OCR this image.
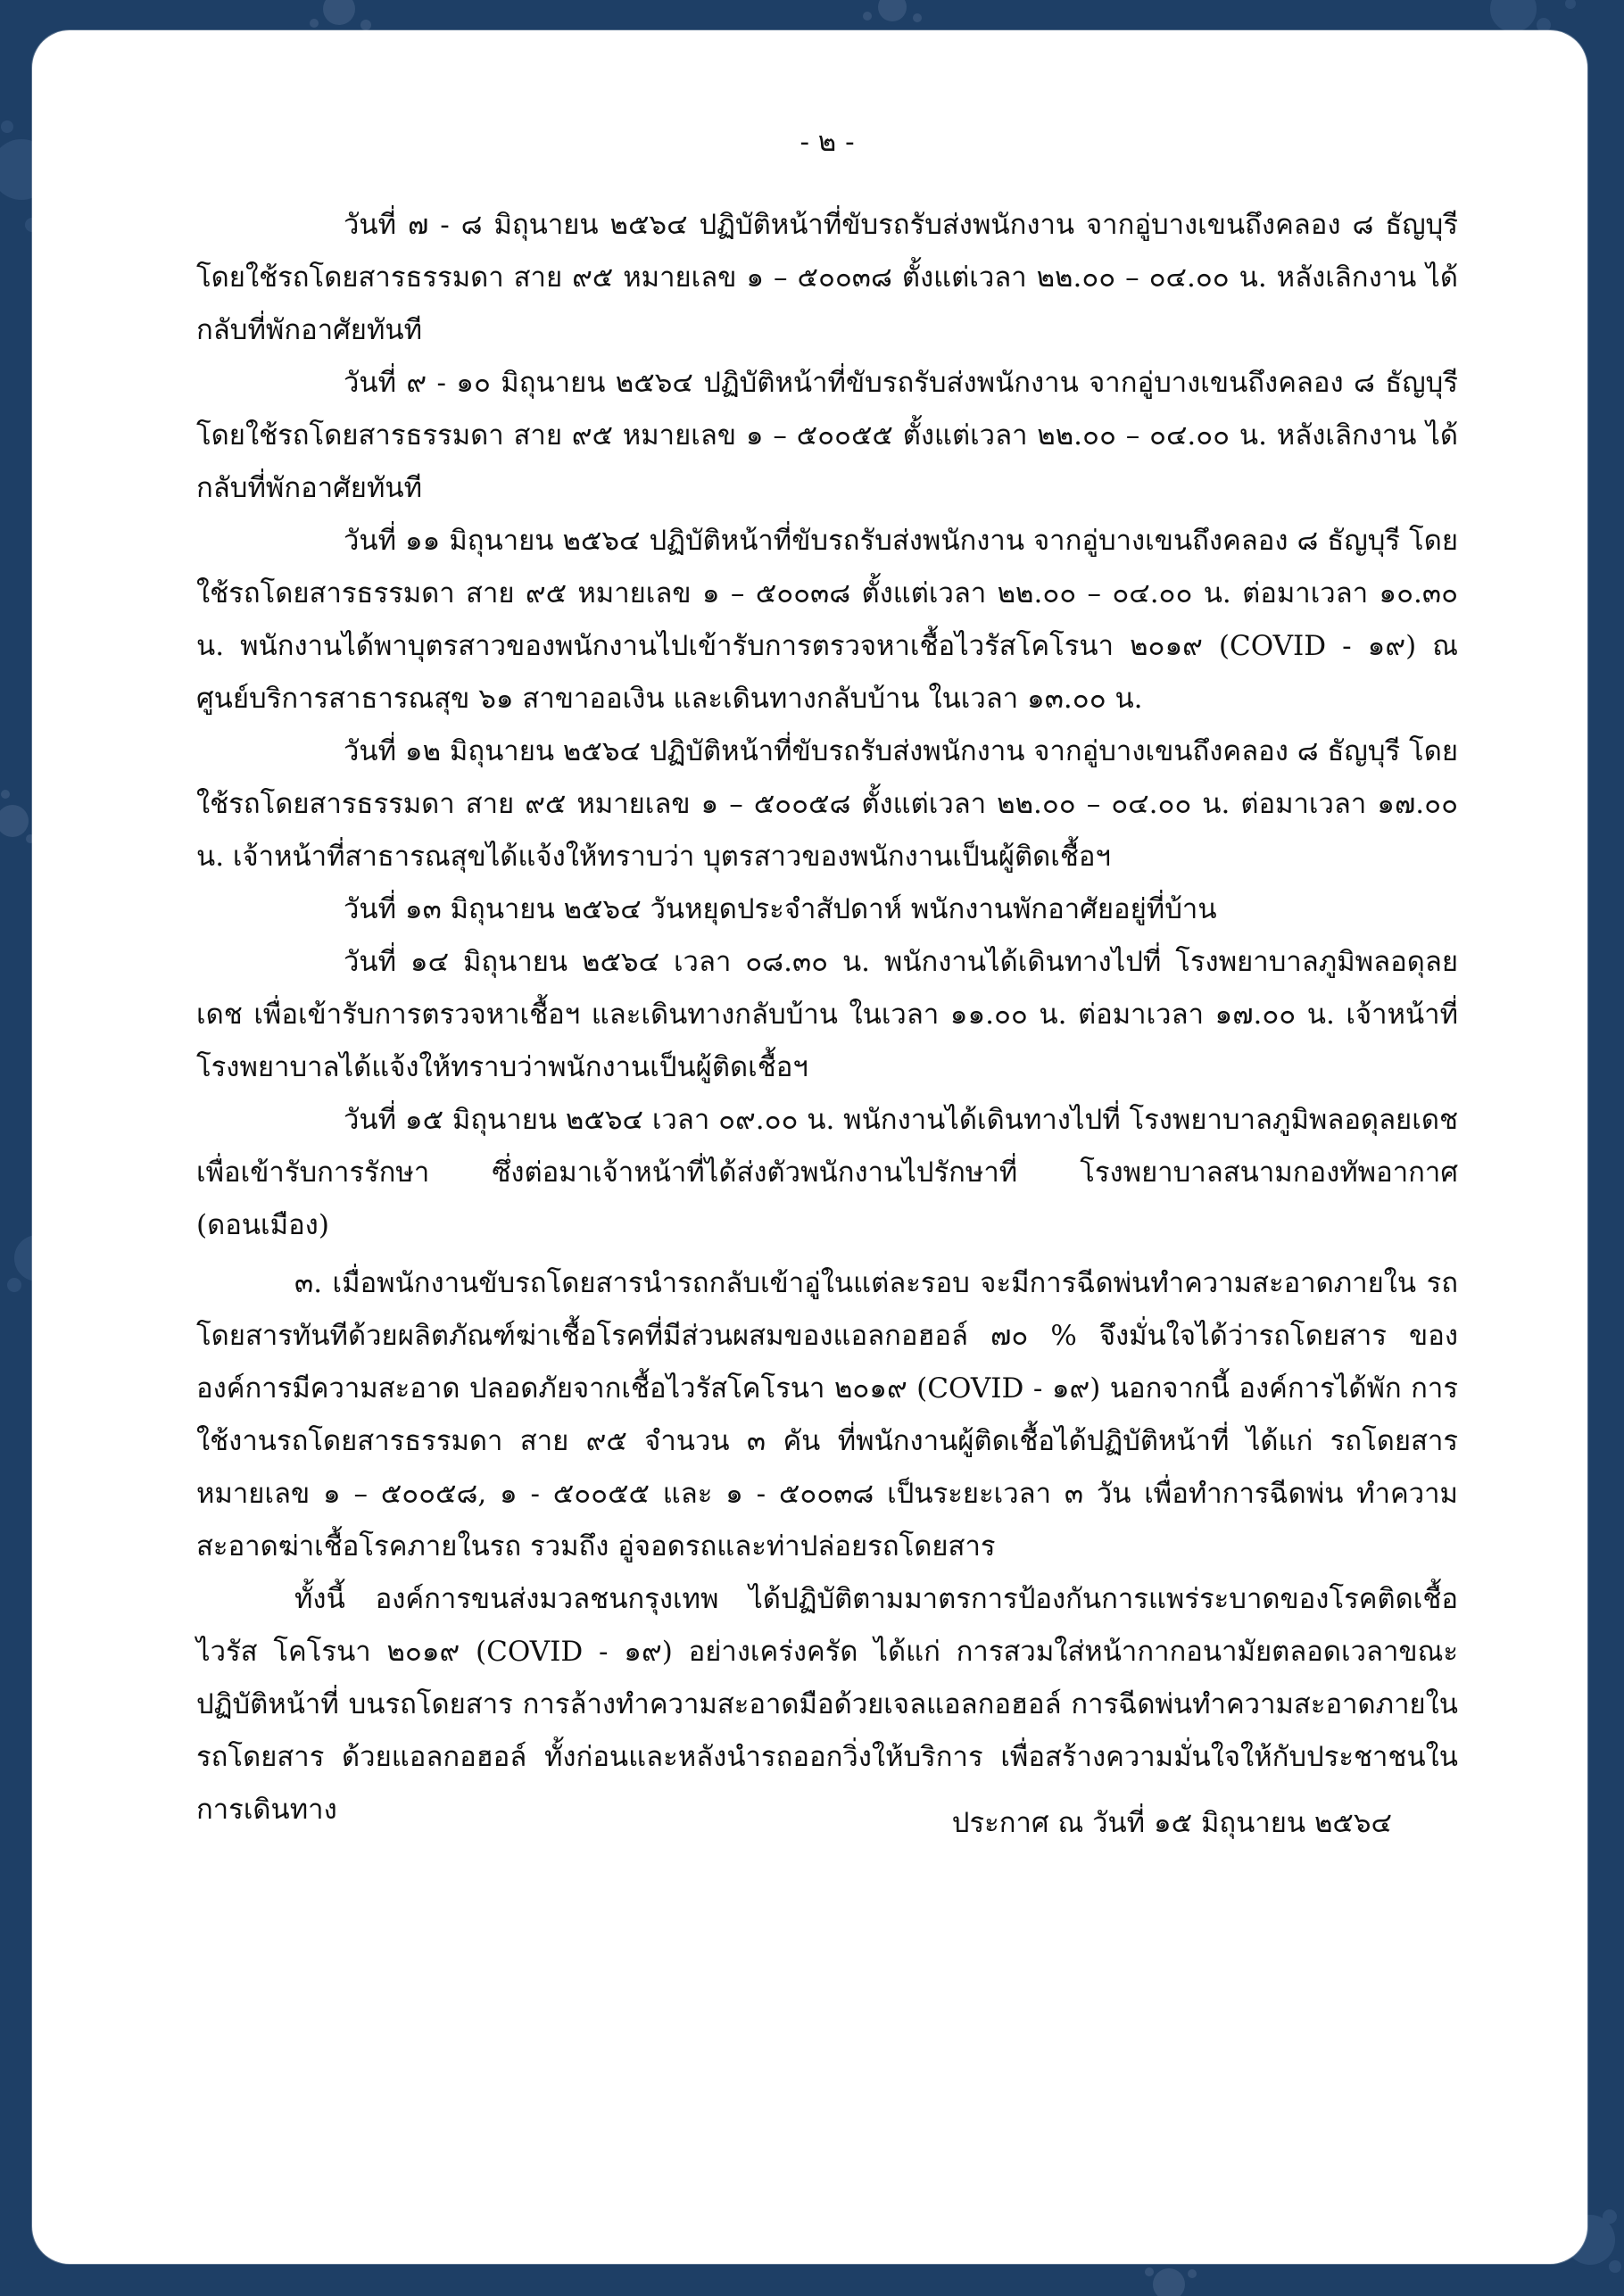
- ๒ -

วันที่ ๗ - ๘ มิถุนายน ๒๕๖๔ ปฏิบัติหน้าที่ขับรถรับส่งพนักงาน จากอู่บางเขนถึงคลอง ๘ ธัญบุรี โดยใช้รถโดยสารธรรมดา สาย ๙๕ หมายเลข ๑ – ๕๐๐๓๘ ตั้งแต่เวลา ๒๒.๐๐ – ๐๔.๐๐ น. หลังเลิกงาน ได้กลับที่พักอาศัยทันที

วันที่ ๙ - ๑๐ มิถุนายน ๒๕๖๔ ปฏิบัติหน้าที่ขับรถรับส่งพนักงาน จากอู่บางเขนถึงคลอง ๘ ธัญบุรี โดยใช้รถโดยสารธรรมดา สาย ๙๕ หมายเลข ๑ – ๕๐๐๕๕ ตั้งแต่เวลา ๒๒.๐๐ – ๐๔.๐๐ น. หลังเลิกงาน ได้กลับที่พักอาศัยทันที

วันที่ ๑๑ มิถุนายน ๒๕๖๔ ปฏิบัติหน้าที่ขับรถรับส่งพนักงาน จากอู่บางเขนถึงคลอง ๘ ธัญบุรี โดยใช้รถโดยสารธรรมดา สาย ๙๕ หมายเลข ๑ – ๕๐๐๓๘ ตั้งแต่เวลา ๒๒.๐๐ – ๐๔.๐๐ น. ต่อมาเวลา ๑๐.๓๐ น. พนักงานได้พาบุตรสาวของพนักงานไปเข้ารับการตรวจหาเชื้อไวรัสโคโรนา ๒๐๑๙ (COVID - ๑๙) ณ ศูนย์บริการสาธารณสุข ๖๑ สาขาออเงิน และเดินทางกลับบ้าน ในเวลา ๑๓.๐๐ น.

วันที่ ๑๒ มิถุนายน ๒๕๖๔ ปฏิบัติหน้าที่ขับรถรับส่งพนักงาน จากอู่บางเขนถึงคลอง ๘ ธัญบุรี โดยใช้รถโดยสารธรรมดา สาย ๙๕ หมายเลข ๑ – ๕๐๐๕๘ ตั้งแต่เวลา ๒๒.๐๐ – ๐๔.๐๐ น. ต่อมาเวลา ๑๗.๐๐ น. เจ้าหน้าที่สาธารณสุขได้แจ้งให้ทราบว่า บุตรสาวของพนักงานเป็นผู้ติดเชื้อฯ

วันที่ ๑๓ มิถุนายน ๒๕๖๔ วันหยุดประจำสัปดาห์ พนักงานพักอาศัยอยู่ที่บ้าน

วันที่ ๑๔ มิถุนายน ๒๕๖๔ เวลา ๐๘.๓๐ น. พนักงานได้เดินทางไปที่ โรงพยาบาลภูมิพลอดุลยเดช เพื่อเข้ารับการตรวจหาเชื้อฯ และเดินทางกลับบ้าน ในเวลา ๑๑.๐๐ น. ต่อมาเวลา ๑๗.๐๐ น. เจ้าหน้าที่ โรงพยาบาลได้แจ้งให้ทราบว่าพนักงานเป็นผู้ติดเชื้อฯ

วันที่ ๑๕ มิถุนายน ๒๕๖๔ เวลา ๐๙.๐๐ น. พนักงานได้เดินทางไปที่ โรงพยาบาลภูมิพลอดุลยเดช เพื่อเข้ารับการรักษา ซึ่งต่อมาเจ้าหน้าที่ได้ส่งตัวพนักงานไปรักษาที่ โรงพยาบาลสนามกองทัพอากาศ (ดอนเมือง)

๓. เมื่อพนักงานขับรถโดยสารนำรถกลับเข้าอู่ในแต่ละรอบ จะมีการฉีดพ่นทำความสะอาดภายใน รถโดยสารทันทีด้วยผลิตภัณฑ์ฆ่าเชื้อโรคที่มีส่วนผสมของแอลกอฮอล์ ๗๐ % จึงมั่นใจได้ว่ารถโดยสาร ขององค์การมีความสะอาด ปลอดภัยจากเชื้อไวรัสโคโรนา ๒๐๑๙ (COVID - ๑๙) นอกจากนี้ องค์การได้พัก การใช้งานรถโดยสารธรรมดา สาย ๙๕ จำนวน ๓ คัน ที่พนักงานผู้ติดเชื้อได้ปฏิบัติหน้าที่ ได้แก่ รถโดยสาร หมายเลข ๑ – ๕๐๐๕๘, ๑ - ๕๐๐๕๕ และ ๑ - ๕๐๐๓๘ เป็นระยะเวลา ๓ วัน เพื่อทำการฉีดพ่น ทำความสะอาดฆ่าเชื้อโรคภายในรถ รวมถึง อู่จอดรถและท่าปล่อยรถโดยสาร

ทั้งนี้ องค์การขนส่งมวลชนกรุงเทพ ได้ปฏิบัติตามมาตรการป้องกันการแพร่ระบาดของโรคติดเชื้อไวรัส โคโรนา ๒๐๑๙ (COVID - ๑๙) อย่างเคร่งครัด ได้แก่ การสวมใส่หน้ากากอนามัยตลอดเวลาขณะปฏิบัติหน้าที่ บนรถโดยสาร การล้างทำความสะอาดมือด้วยเจลแอลกอฮอล์ การฉีดพ่นทำความสะอาดภายในรถโดยสาร ด้วยแอลกอฮอล์ ทั้งก่อนและหลังนำรถออกวิ่งให้บริการ เพื่อสร้างความมั่นใจให้กับประชาชนในการเดินทาง	ประกาศ ณ วันที่ ๑๕ มิถุนายน ๒๕๖๔
